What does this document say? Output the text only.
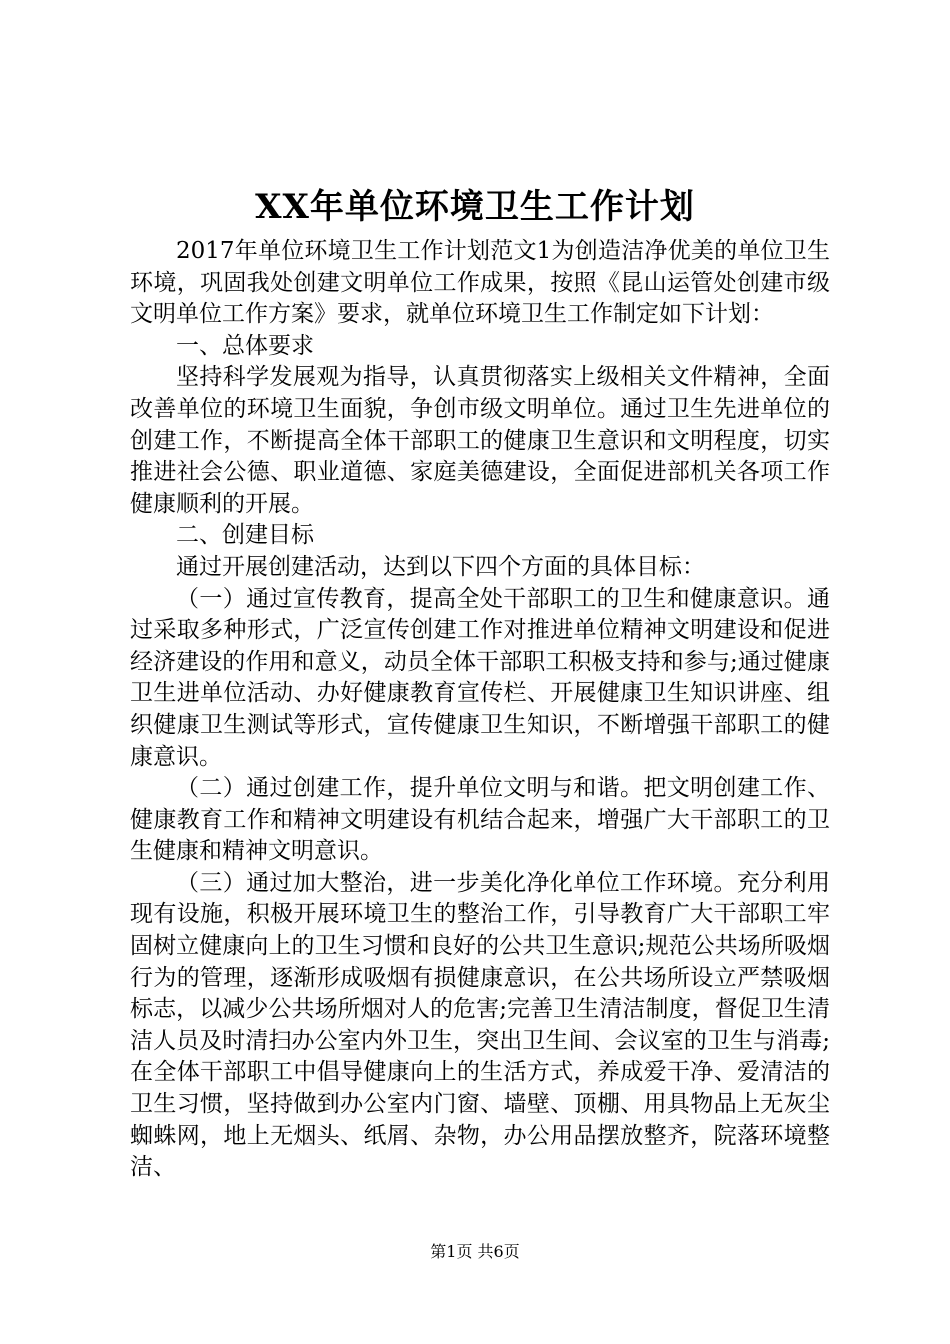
XX年单位环境卫生工作计划

2017年单位环境卫生工作计划范文1为创造洁净优美的单位卫生环境，巩固我处创建文明单位工作成果，按照《昆山运管处创建市级文明单位工作方案》要求，就单位环境卫生工作制定如下计划：

一、总体要求

坚持科学发展观为指导，认真贯彻落实上级相关文件精神，全面改善单位的环境卫生面貌，争创市级文明单位。通过卫生先进单位的创建工作，不断提高全体干部职工的健康卫生意识和文明程度，切实推进社会公德、职业道德、家庭美德建设，全面促进部机关各项工作健康顺利的开展。

二、创建目标

通过开展创建活动，达到以下四个方面的具体目标：

（一）通过宣传教育，提高全处干部职工的卫生和健康意识。通过采取多种形式，广泛宣传创建工作对推进单位精神文明建设和促进经济建设的作用和意义，动员全体干部职工积极支持和参与;通过健康卫生进单位活动、办好健康教育宣传栏、开展健康卫生知识讲座、组织健康卫生测试等形式，宣传健康卫生知识，不断增强干部职工的健康意识。

（二）通过创建工作，提升单位文明与和谐。把文明创建工作、健康教育工作和精神文明建设有机结合起来，增强广大干部职工的卫生健康和精神文明意识。

（三）通过加大整治，进一步美化净化单位工作环境。充分利用现有设施，积极开展环境卫生的整治工作，引导教育广大干部职工牢固树立健康向上的卫生习惯和良好的公共卫生意识;规范公共场所吸烟行为的管理，逐渐形成吸烟有损健康意识，在公共场所设立严禁吸烟标志，以减少公共场所烟对人的危害;完善卫生清洁制度，督促卫生清洁人员及时清扫办公室内外卫生，突出卫生间、会议室的卫生与消毒;在全体干部职工中倡导健康向上的生活方式，养成爱干净、爱清洁的卫生习惯，坚持做到办公室内门窗、墙壁、顶棚、用具物品上无灰尘蜘蛛网，地上无烟头、纸屑、杂物，办公用品摆放整齐，院落环境整洁、

第1页 共6页
